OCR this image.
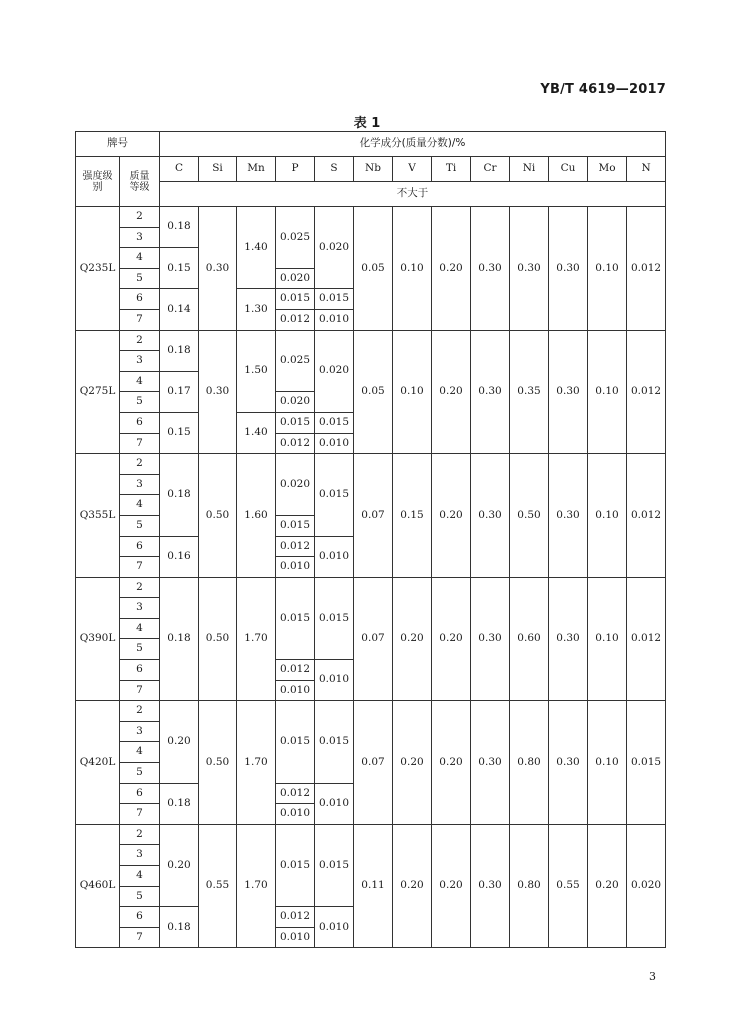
YB/T 4619—2017
表 1
牌号		化学成分(质量分数)/%												
强度级别	质量等级	C	Si	Mn	P	S	Nb	V	Ti	Cr	Ni	Cu	Mo	N
		不大于												
Q235L	2	0.18	0.30	1.40	0.025	0.020	0.05	0.10	0.20	0.30	0.30	0.30	0.10	0.012
	3													
	4	0.15												
	5				0.020									
	6	0.14		1.30	0.015	0.015								
	7				0.012	0.010								
Q275L	2	0.18	0.30	1.50	0.025	0.020	0.05	0.10	0.20	0.30	0.35	0.30	0.10	0.012
	3													
	4	0.17												
	5				0.020									
	6	0.15		1.40	0.015	0.015								
	7				0.012	0.010								
Q355L	2	0.18	0.50	1.60	0.020	0.015	0.07	0.15	0.20	0.30	0.50	0.30	0.10	0.012
	3													
	4													
	5				0.015									
	6	0.16			0.012	0.010								
	7				0.010									
Q390L	2	0.18	0.50	1.70	0.015	0.015	0.07	0.20	0.20	0.30	0.60	0.30	0.10	0.012
	3													
	4													
	5													
	6				0.012	0.010								
	7				0.010									
Q420L	2	0.20	0.50	1.70	0.015	0.015	0.07	0.20	0.20	0.30	0.80	0.30	0.10	0.015
	3													
	4													
	5													
	6	0.18			0.012	0.010								
	7				0.010									
Q460L	2	0.20	0.55	1.70	0.015	0.015	0.11	0.20	0.20	0.30	0.80	0.55	0.20	0.020
	3													
	4													
	5													
	6	0.18			0.012	0.010								
	7				0.010									
3
